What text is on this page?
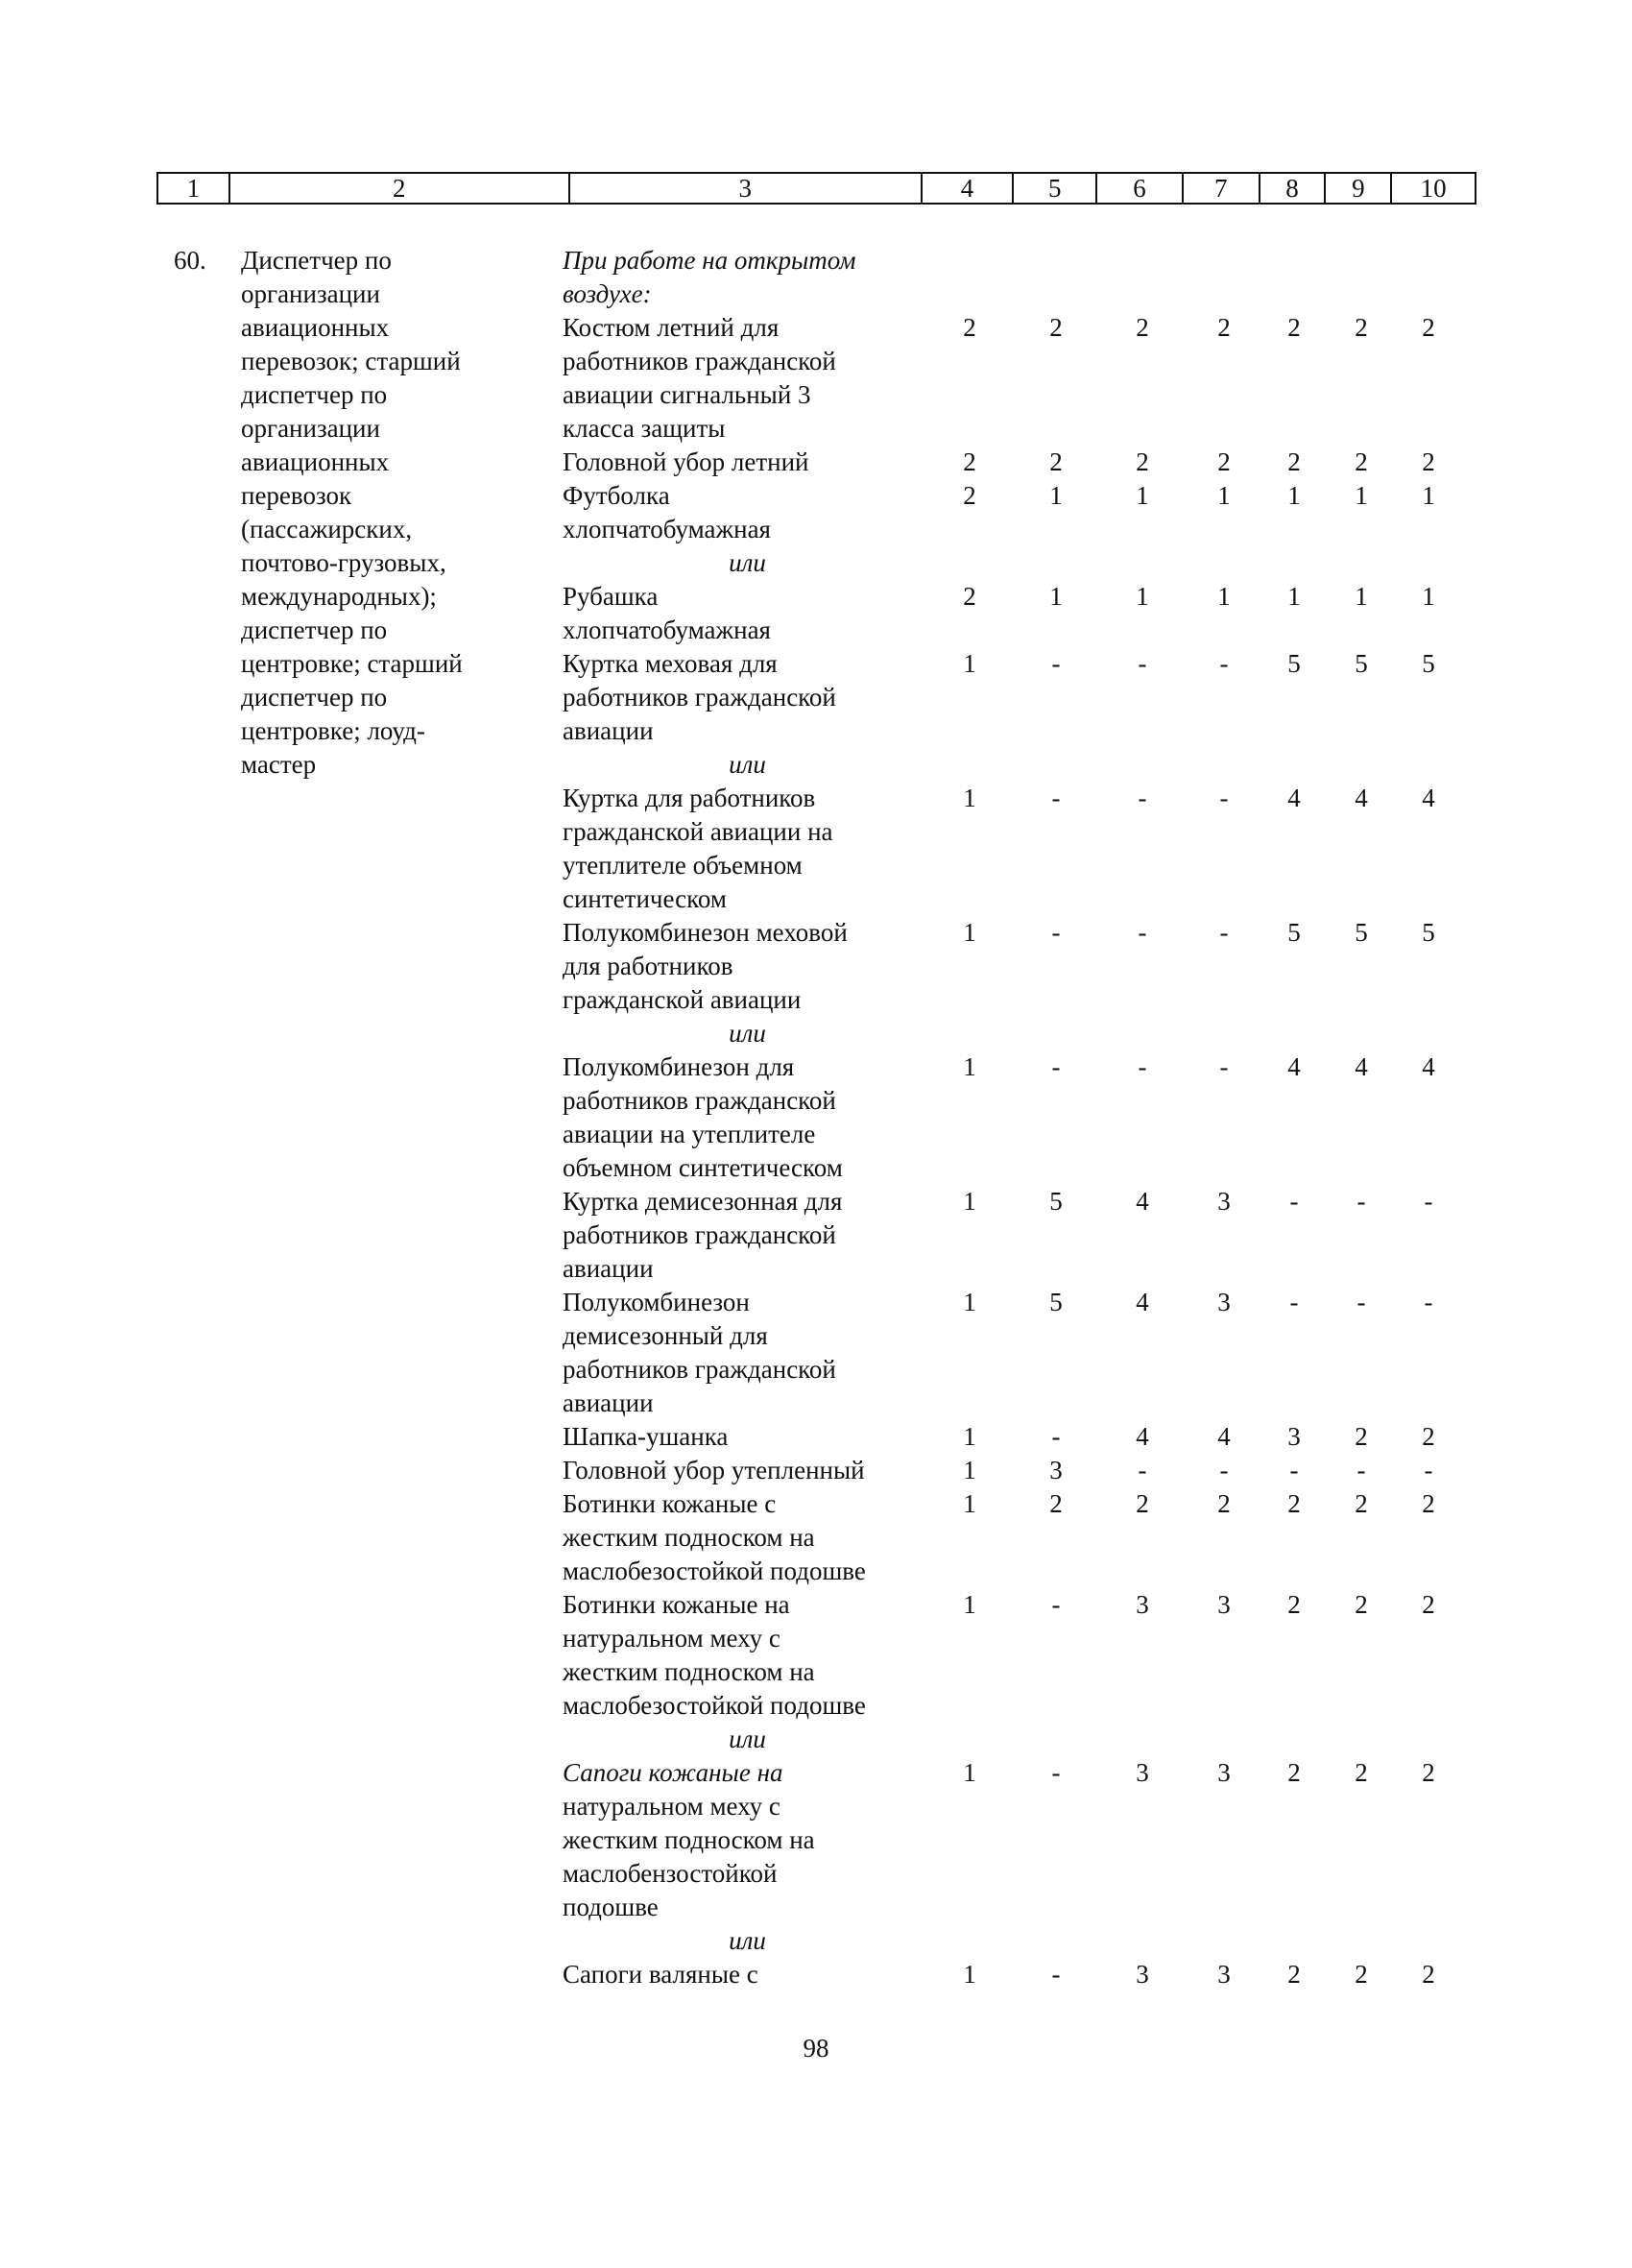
1	2	3	4	5	6	7	8	9	10
60. Диспетчер по
организации
авиационных
перевозок; старший
диспетчер по
организации
авиационных
перевозок
(пассажирских,
почтово-грузовых,
международных);
диспетчер по
центровке; старший
диспетчер по
центровке; лоуд-
мастер
При работе на открытом
воздухе:
Костюм летний для
работников гражданской
авиации сигнальный 3
класса защиты
2	2	2	2	2	2	2
Головной убор летний	2	2	2	2	2	2	2
Футболка
хлопчатобумажная
2	1	1	1	1	1	1
или
Рубашка
хлопчатобумажная
2	1	1	1	1	1	1
Куртка меховая для
работников гражданской
авиации
1	-	-	-	5	5	5
или
Куртка для работников
гражданской авиации на
утеплителе объемном
синтетическом
1	-	-	-	4	4	4
Полукомбинезон меховой
для работников
гражданской авиации
1	-	-	-	5	5	5
или
Полукомбинезон для
работников гражданской
авиации на утеплителе
объемном синтетическом
1	-	-	-	4	4	4
Куртка демисезонная для
работников гражданской
авиации
1	5	4	3	-	-	-
Полукомбинезон
демисезонный для
работников гражданской
авиации
1	5	4	3	-	-	-
Шапка-ушанка	1	-	4	4	3	2	2
Головной убор утепленный	1	3	-	-	-	-	-
Ботинки кожаные с
жестким подноском на
маслобезостойкой подошве
1	2	2	2	2	2	2
Ботинки кожаные на
натуральном меху с
жестким подноском на
маслобезостойкой подошве
1	-	3	3	2	2	2
или
Сапоги кожаные на
натуральном меху с
жестким подноском на
маслобензостойкой
подошве
1	-	3	3	2	2	2
или
Сапоги валяные с	1	-	3	3	2	2	2
98
